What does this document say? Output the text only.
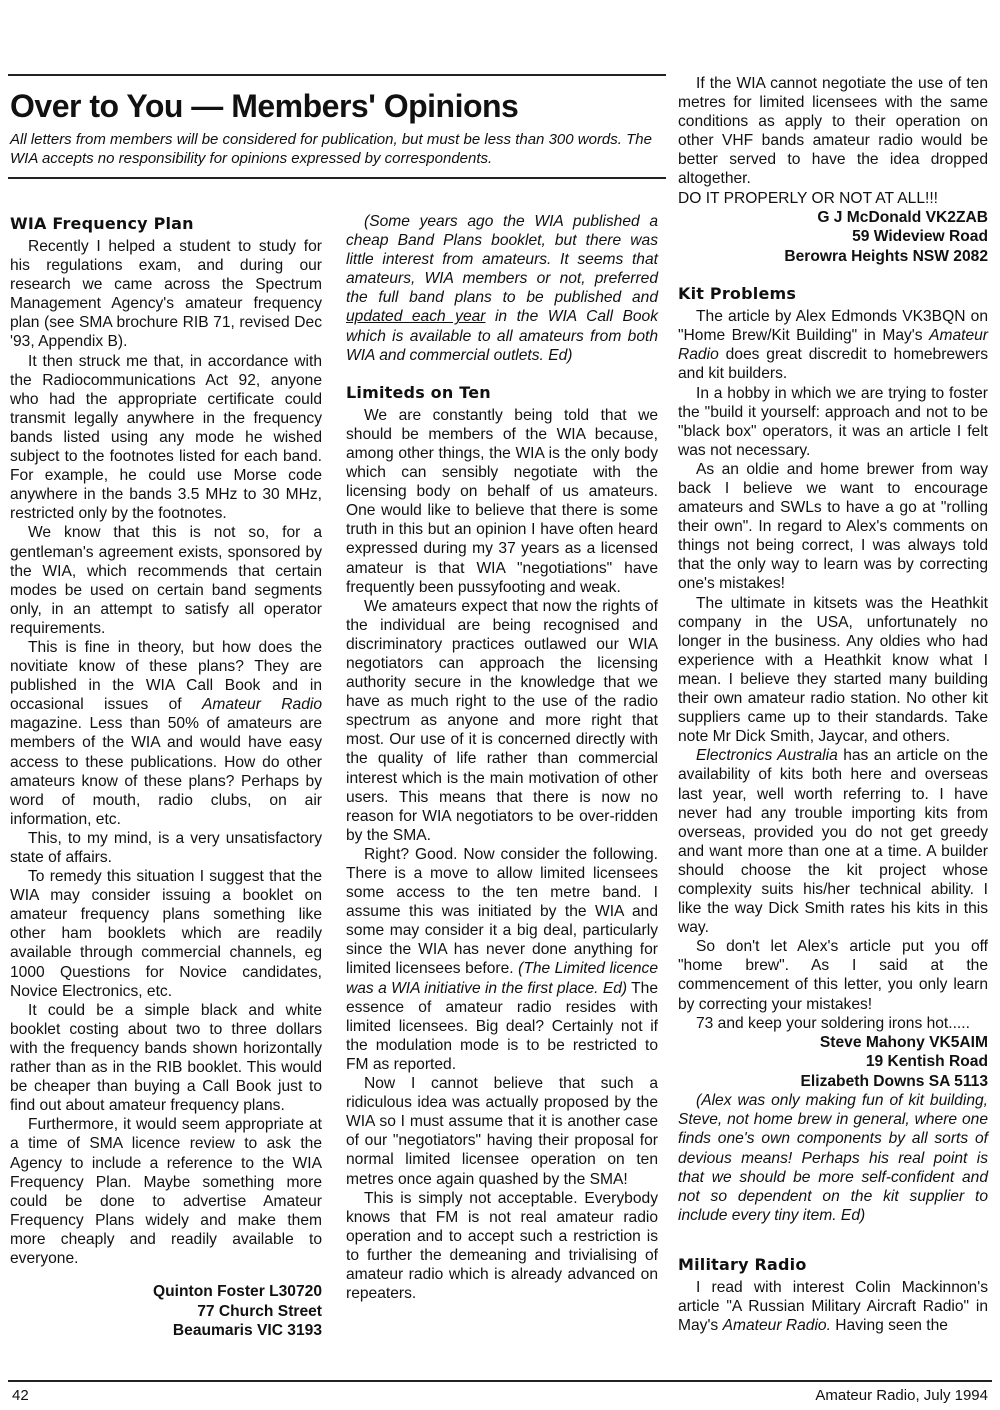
Over to You — Members' Opinions

All letters from members will be considered for publication, but must be less than 300 words. The WIA accepts no responsibility for opinions expressed by correspondents.

WIA Frequency Plan

Recently I helped a student to study for his regulations exam, and during our research we came across the Spectrum Management Agency's amateur frequency plan (see SMA brochure RIB 71, revised Dec '93, Appendix B).

It then struck me that, in accordance with the Radiocommunications Act 92, anyone who had the appropriate certificate could transmit legally anywhere in the frequency bands listed using any mode he wished subject to the footnotes listed for each band. For example, he could use Morse code anywhere in the bands 3.5 MHz to 30 MHz, restricted only by the footnotes.

We know that this is not so, for a gentleman's agreement exists, sponsored by the WIA, which recommends that certain modes be used on certain band segments only, in an attempt to satisfy all operator requirements.

This is fine in theory, but how does the novitiate know of these plans? They are published in the WIA Call Book and in occasional issues of Amateur Radio magazine. Less than 50% of amateurs are members of the WIA and would have easy access to these publications. How do other amateurs know of these plans? Perhaps by word of mouth, radio clubs, on air information, etc.

This, to my mind, is a very unsatisfactory state of affairs.

To remedy this situation I suggest that the WIA may consider issuing a booklet on amateur frequency plans something like other ham booklets which are readily available through commercial channels, eg 1000 Questions for Novice candidates, Novice Electronics, etc.

It could be a simple black and white booklet costing about two to three dollars with the frequency bands shown horizontally rather than as in the RIB booklet. This would be cheaper than buying a Call Book just to find out about amateur frequency plans.

Furthermore, it would seem appropriate at a time of SMA licence review to ask the Agency to include a reference to the WIA Frequency Plan. Maybe something more could be done to advertise Amateur Frequency Plans widely and make them more cheaply and readily available to everyone.

Quinton Foster L30720
77 Church Street
Beaumaris VIC 3193

(Some years ago the WIA published a cheap Band Plans booklet, but there was little interest from amateurs. It seems that amateurs, WIA members or not, preferred the full band plans to be published and updated each year in the WIA Call Book which is available to all amateurs from both WIA and commercial outlets. Ed)

Limiteds on Ten

We are constantly being told that we should be members of the WIA because, among other things, the WIA is the only body which can sensibly negotiate with the licensing body on behalf of us amateurs. One would like to believe that there is some truth in this but an opinion I have often heard expressed during my 37 years as a licensed amateur is that WIA "negotiations" have frequently been pussyfooting and weak.

We amateurs expect that now the rights of the individual are being recognised and discriminatory practices outlawed our WIA negotiators can approach the licensing authority secure in the knowledge that we have as much right to the use of the radio spectrum as anyone and more right that most. Our use of it is concerned directly with the quality of life rather than commercial interest which is the main motivation of other users. This means that there is now no reason for WIA negotiators to be over-ridden by the SMA.

Right? Good. Now consider the following. There is a move to allow limited licensees some access to the ten metre band. I assume this was initiated by the WIA and some may consider it a big deal, particularly since the WIA has never done anything for limited licensees before. (The Limited licence was a WIA initiative in the first place. Ed) The essence of amateur radio resides with limited licensees. Big deal? Certainly not if the modulation mode is to be restricted to FM as reported.

Now I cannot believe that such a ridiculous idea was actually proposed by the WIA so I must assume that it is another case of our "negotiators" having their proposal for normal limited licensee operation on ten metres once again quashed by the SMA!

This is simply not acceptable. Everybody knows that FM is not real amateur radio operation and to accept such a restriction is to further the demeaning and trivialising of amateur radio which is already advanced on repeaters.

If the WIA cannot negotiate the use of ten metres for limited licensees with the same conditions as apply to their operation on other VHF bands amateur radio would be better served to have the idea dropped altogether.

DO IT PROPERLY OR NOT AT ALL!!!

G J McDonald VK2ZAB
59 Wideview Road
Berowra Heights NSW 2082
Kit Problems

The article by Alex Edmonds VK3BQN on "Home Brew/Kit Building" in May's Amateur Radio does great discredit to homebrewers and kit builders.

In a hobby in which we are trying to foster the "build it yourself: approach and not to be "black box" operators, it was an article I felt was not necessary.

As an oldie and home brewer from way back I believe we want to encourage amateurs and SWLs to have a go at "rolling their own". In regard to Alex's comments on things not being correct, I was always told that the only way to learn was by correcting one's mistakes!

The ultimate in kitsets was the Heathkit company in the USA, unfortunately no longer in the business. Any oldies who had experience with a Heathkit know what I mean. I believe they started many building their own amateur radio station. No other kit suppliers came up to their standards. Take note Mr Dick Smith, Jaycar, and others.

Electronics Australia has an article on the availability of kits both here and overseas last year, well worth referring to. I have never had any trouble importing kits from overseas, provided you do not get greedy and want more than one at a time. A builder should choose the kit project whose complexity suits his/her technical ability. I like the way Dick Smith rates his kits in this way.

So don't let Alex's article put you off "home brew". As I said at the commencement of this letter, you only learn by correcting your mistakes!

73 and keep your soldering irons hot.....

Steve Mahony VK5AIM
19 Kentish Road
Elizabeth Downs SA 5113

(Alex was only making fun of kit building, Steve, not home brew in general, where one finds one's own components by all sorts of devious means! Perhaps his real point is that we should be more self-confident and not so dependent on the kit supplier to include every tiny item. Ed)

Military Radio

I read with interest Colin Mackinnon's article "A Russian Military Aircraft Radio" in May's Amateur Radio. Having seen the

42	Amateur Radio, July 1994
